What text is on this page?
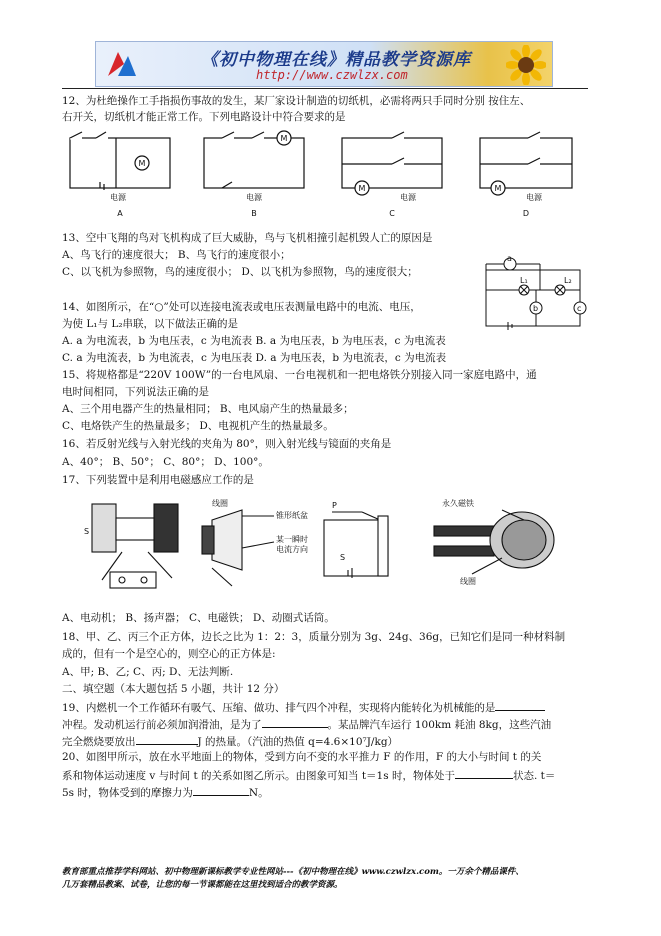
《初中物理在线》精品教学资源库
http://www.czwlzx.com
12、为杜绝操作工手指损伤事故的发生，某厂家设计制造的切纸机，必需将两只手同时分别 按住左、
右开关，切纸机才能正常工作。下列电路设计中符合要求的是
M
M
M	M
电源	电源	电源	电源
A	B	C	D
13、空中飞翔的鸟对飞机构成了巨大威胁，鸟与飞机相撞引起机毁人亡的原因是
A、鸟飞行的速度很大； B、鸟飞行的速度很小；
C、以飞机为参照物，鸟的速度很小； D、以飞机为参照物，鸟的速度很大；
a
b	c
L₁	L₂
14、如图所示，在“○”处可以连接电流表或电压表测量电路中的电流、电压，
为使 L₁与 L₂串联，以下做法正确的是
A. a 为电流表，b 为电压表，c 为电流表 B. a 为电压表，b 为电压表，c 为电流表
C. a 为电流表，b 为电流表，c 为电压表 D. a 为电压表，b 为电流表，c 为电流表
15、将规格都是“220V 100W”的一台电风扇、一台电视机和一把电烙铁分别接入同一家庭电路中，通
电时间相同，下列说法正确的是
A、三个用电器产生的热量相同； B、电风扇产生的热量最多；
C、电烙铁产生的热量最多； D、电视机产生的热量最多。
16、若反射光线与入射光线的夹角为 80°，则入射光线与镜面的夹角是
A、40°； B、50°； C、80°； D、100°。
17、下列装置中是利用电磁感应工作的是
S
线圈
锥形纸盆
某一瞬时
电流方向
P
S
永久磁铁
线圈
A、电动机； B、扬声器； C、电磁铁； D、动圈式话筒。
18、甲、乙、丙三个正方体，边长之比为 1：2：3，质量分别为 3g、24g、36g，已知它们是同一种材料制
成的，但有一个是空心的，则空心的正方体是:
A、甲; B、乙; C、丙; D、无法判断.
二、填空题（本大题包括 5 小题，共计 12 分）
19、内燃机一个工作循环有吸气、压缩、做功、排气四个冲程，实现将内能转化为机械能的是
冲程。发动机运行前必须加润滑油，是为了	。某品牌汽车运行 100km 耗油 8kg，这些汽油
完全燃烧要放出	J 的热量。（汽油的热值 q=4.6×10⁷J/kg）
20、如图甲所示，放在水平地面上的物体，受到方向不变的水平推力 F 的作用，F 的大小与时间 t 的关
系和物体运动速度 v 与时间 t 的关系如图乙所示。由图象可知当 t＝1s 时，物体处于	状态. t＝
5s 时，物体受到的摩擦力为	N。
教育部重点推荐学科网站、初中物理新课标教学专业性网站---《初中物理在线》www.czwlzx.com。一万余个精品课件、
几万套精品教案、试卷，让您的每一节课都能在这里找到适合的教学资源。
